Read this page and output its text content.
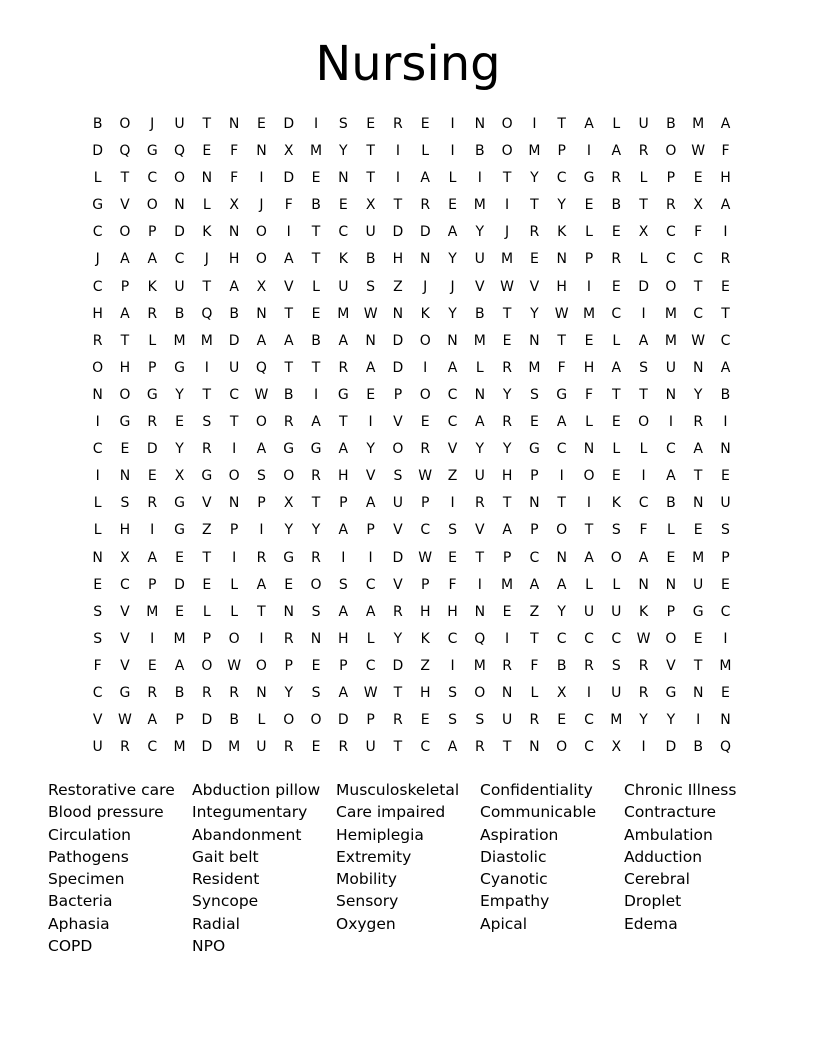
Nursing
B	O	J	U	T	N	E	D	I	S	E	R	E	I	N	O	I	T	A	L	U	B	M	A
D	Q	G	Q	E	F	N	X	M	Y	T	I	L	I	B	O	M	P	I	A	R	O	W	F
L	T	C	O	N	F	I	D	E	N	T	I	A	L	I	T	Y	C	G	R	L	P	E	H
G	V	O	N	L	X	J	F	B	E	X	T	R	E	M	I	T	Y	E	B	T	R	X	A
C	O	P	D	K	N	O	I	T	C	U	D	D	A	Y	J	R	K	L	E	X	C	F	I
J	A	A	C	J	H	O	A	T	K	B	H	N	Y	U	M	E	N	P	R	L	C	C	R
C	P	K	U	T	A	X	V	L	U	S	Z	J	J	V	W	V	H	I	E	D	O	T	E
H	A	R	B	Q	B	N	T	E	M	W	N	K	Y	B	T	Y	W	M	C	I	M	C	T
R	T	L	M	M	D	A	A	B	A	N	D	O	N	M	E	N	T	E	L	A	M	W	C
O	H	P	G	I	U	Q	T	T	R	A	D	I	A	L	R	M	F	H	A	S	U	N	A
N	O	G	Y	T	C	W	B	I	G	E	P	O	C	N	Y	S	G	F	T	T	N	Y	B
I	G	R	E	S	T	O	R	A	T	I	V	E	C	A	R	E	A	L	E	O	I	R	I
C	E	D	Y	R	I	A	G	G	A	Y	O	R	V	Y	Y	G	C	N	L	L	C	A	N
I	N	E	X	G	O	S	O	R	H	V	S	W	Z	U	H	P	I	O	E	I	A	T	E
L	S	R	G	V	N	P	X	T	P	A	U	P	I	R	T	N	T	I	K	C	B	N	U
L	H	I	G	Z	P	I	Y	Y	A	P	V	C	S	V	A	P	O	T	S	F	L	E	S
N	X	A	E	T	I	R	G	R	I	I	D	W	E	T	P	C	N	A	O	A	E	M	P
E	C	P	D	E	L	A	E	O	S	C	V	P	F	I	M	A	A	L	L	N	N	U	E
S	V	M	E	L	L	T	N	S	A	A	R	H	H	N	E	Z	Y	U	U	K	P	G	C
S	V	I	M	P	O	I	R	N	H	L	Y	K	C	Q	I	T	C	C	C	W	O	E	I
F	V	E	A	O	W	O	P	E	P	C	D	Z	I	M	R	F	B	R	S	R	V	T	M
C	G	R	B	R	R	N	Y	S	A	W	T	H	S	O	N	L	X	I	U	R	G	N	E
V	W	A	P	D	B	L	O	O	D	P	R	E	S	S	U	R	E	C	M	Y	Y	I	N
U	R	C	M	D	M	U	R	E	R	U	T	C	A	R	T	N	O	C	X	I	D	B	Q
Restorative care
Blood pressure
Circulation
Pathogens
Specimen
Bacteria
Aphasia
COPD
Abduction pillow
Integumentary
Abandonment
Gait belt
Resident
Syncope
Radial
NPO
Musculoskeletal
Care impaired
Hemiplegia
Extremity
Mobility
Sensory
Oxygen
Confidentiality
Communicable
Aspiration
Diastolic
Cyanotic
Empathy
Apical
Chronic Illness
Contracture
Ambulation
Adduction
Cerebral
Droplet
Edema
